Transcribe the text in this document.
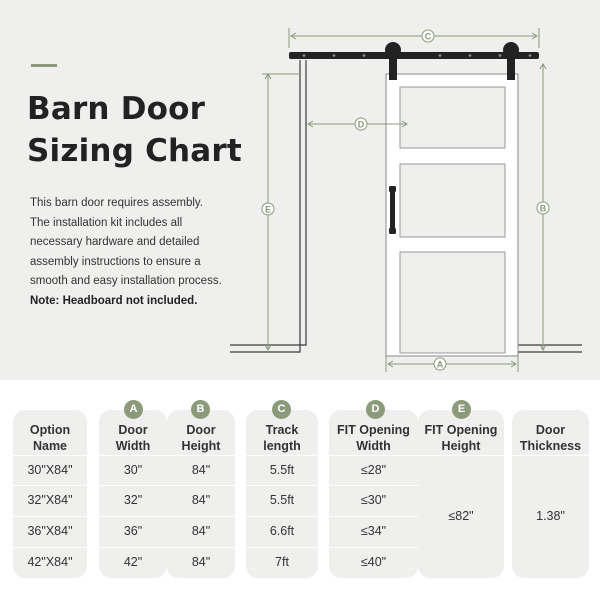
Barn Door
Sizing Chart
This barn door requires assembly.
The installation kit includes all
necessary hardware and detailed
assembly instructions to ensure a
smooth and easy installation process.
Note: Headboard not included.
C
D
E	B
A
Option
Name
30"X84"
32"X84"
36"X84"
42"X84"
Door
Width
30"
32"
36"
42"
A
Door
Height
84"
84"
84"
84"
B
Track
length
5.5ft
5.5ft
6.6ft
7ft
C
FIT Opening
Width
≤28"
≤30"
≤34"
≤40"
D
FIT Opening
Height
≤82"
E
Door
Thickness
1.38"
